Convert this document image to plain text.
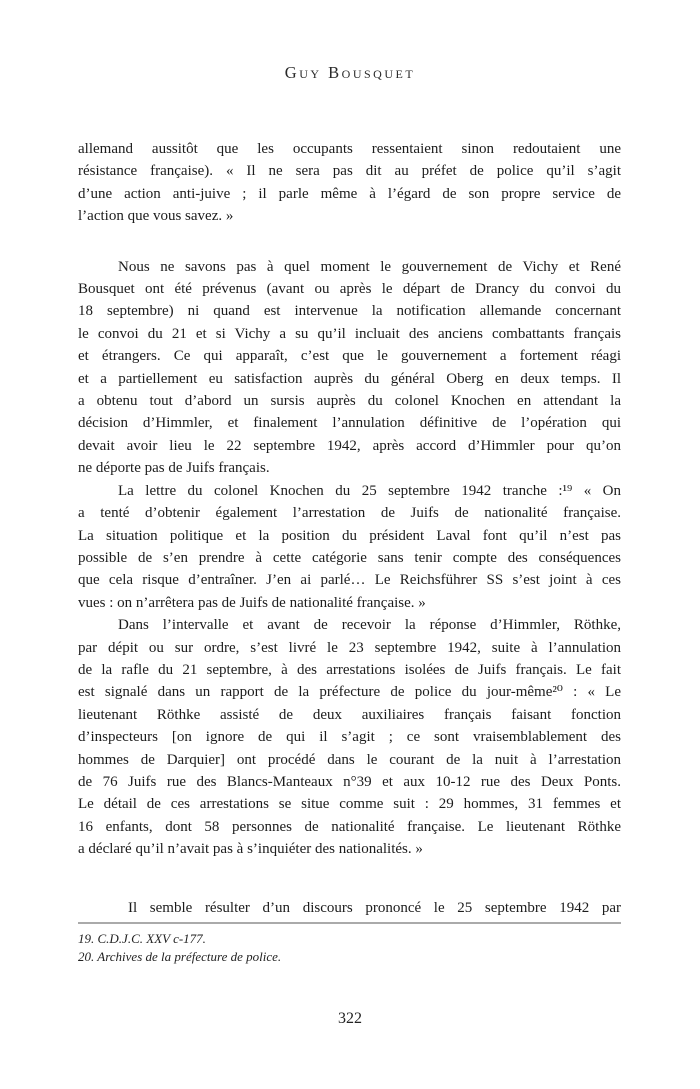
Guy Bousquet
allemand aussitôt que les occupants ressentaient sinon redoutaient une
résistance française). « Il ne sera pas dit au préfet de police qu’il s’agit
d’une action anti-juive ; il parle même à l’égard de son propre service de
l’action que vous savez. »
Nous ne savons pas à quel moment le gouvernement de Vichy et René
Bousquet ont été prévenus (avant ou après le départ de Drancy du convoi du
18 septembre) ni quand est intervenue la notification allemande concernant
le convoi du 21 et si Vichy a su qu’il incluait des anciens combattants français
et étrangers. Ce qui apparaît, c’est que le gouvernement a fortement réagi
et a partiellement eu satisfaction auprès du général Oberg en deux temps. Il
a obtenu tout d’abord un sursis auprès du colonel Knochen en attendant la
décision d’Himmler, et finalement l’annulation définitive de l’opération qui
devait avoir lieu le 22 septembre 1942, après accord d’Himmler pour qu’on
ne déporte pas de Juifs français.
La lettre du colonel Knochen du 25 septembre 1942 tranche :¹⁹ « On
a tenté d’obtenir également l’arrestation de Juifs de nationalité française.
La situation politique et la position du président Laval font qu’il n’est pas
possible de s’en prendre à cette catégorie sans tenir compte des conséquences
que cela risque d’entraîner. J’en ai parlé… Le Reichsführer SS s’est joint à ces
vues : on n’arrêtera pas de Juifs de nationalité française. »
Dans l’intervalle et avant de recevoir la réponse d’Himmler, Röthke,
par dépit ou sur ordre, s’est livré le 23 septembre 1942, suite à l’annulation
de la rafle du 21 septembre, à des arrestations isolées de Juifs français. Le fait
est signalé dans un rapport de la préfecture de police du jour-même²⁰ : « Le
lieutenant Röthke assisté de deux auxiliaires français faisant fonction
d’inspecteurs [on ignore de qui il s’agit ; ce sont vraisemblablement des
hommes de Darquier] ont procédé dans le courant de la nuit à l’arrestation
de 76 Juifs rue des Blancs-Manteaux n°39 et aux 10-12 rue des Deux Ponts.
Le détail de ces arrestations se situe comme suit : 29 hommes, 31 femmes et
16 enfants, dont 58 personnes de nationalité française. Le lieutenant Röthke
a déclaré qu’il n’avait pas à s’inquiéter des nationalités. »
Il semble résulter d’un discours prononcé le 25 septembre 1942 par
19. C.D.J.C. XXV c-177.
20. Archives de la préfecture de police.
322
